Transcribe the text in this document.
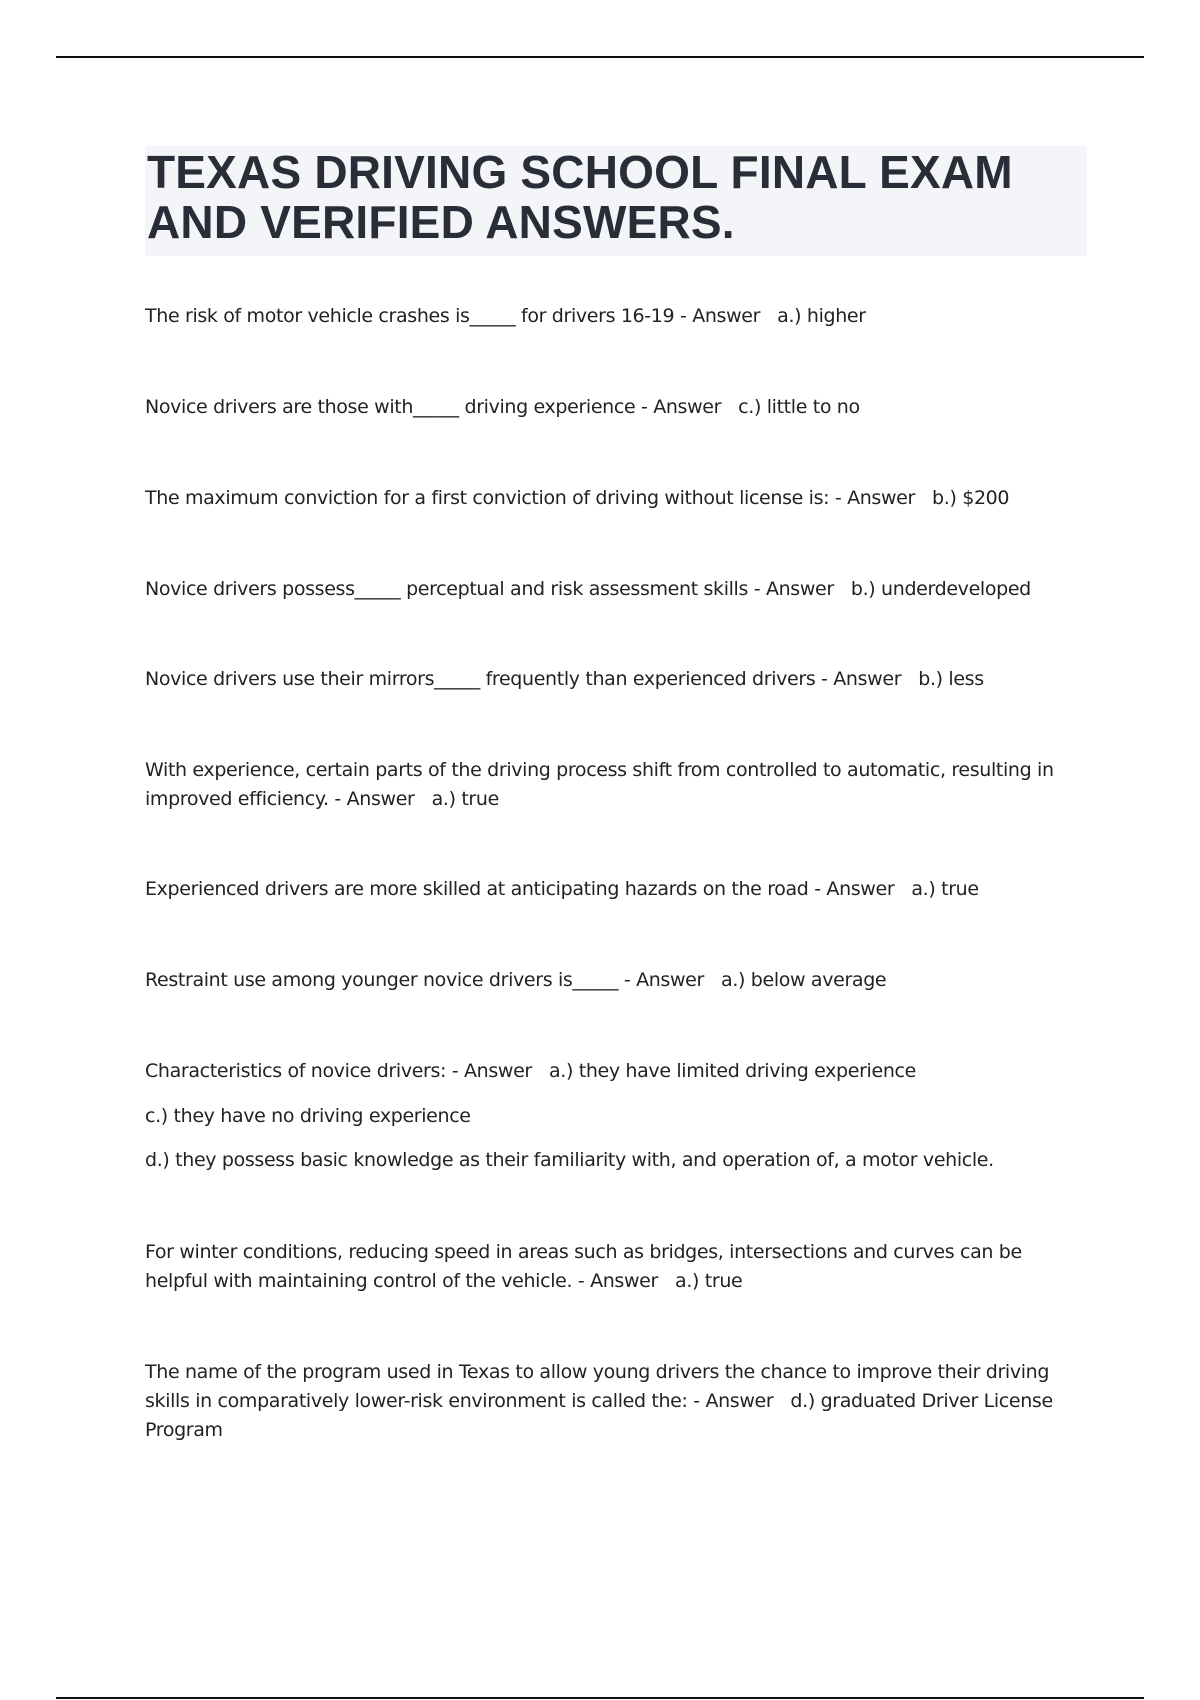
TEXAS DRIVING SCHOOL FINAL EXAM

AND VERIFIED ANSWERS.

The risk of motor vehicle crashes is_____ for drivers 16-19 - Answer a.) higher

Novice drivers are those with_____ driving experience - Answer c.) little to no

The maximum conviction for a first conviction of driving without license is: - Answer b.) $200

Novice drivers possess_____ perceptual and risk assessment skills - Answer b.) underdeveloped

Novice drivers use their mirrors_____ frequently than experienced drivers - Answer b.) less

With experience, certain parts of the driving process shift from controlled to automatic, resulting in improved efficiency. - Answer a.) true

Experienced drivers are more skilled at anticipating hazards on the road - Answer a.) true

Restraint use among younger novice drivers is_____ - Answer a.) below average

Characteristics of novice drivers: - Answer a.) they have limited driving experience

c.) they have no driving experience

d.) they possess basic knowledge as their familiarity with, and operation of, a motor vehicle.

For winter conditions, reducing speed in areas such as bridges, intersections and curves can be helpful with maintaining control of the vehicle. - Answer a.) true

The name of the program used in Texas to allow young drivers the chance to improve their driving skills in comparatively lower-risk environment is called the: - Answer d.) graduated Driver License Program
